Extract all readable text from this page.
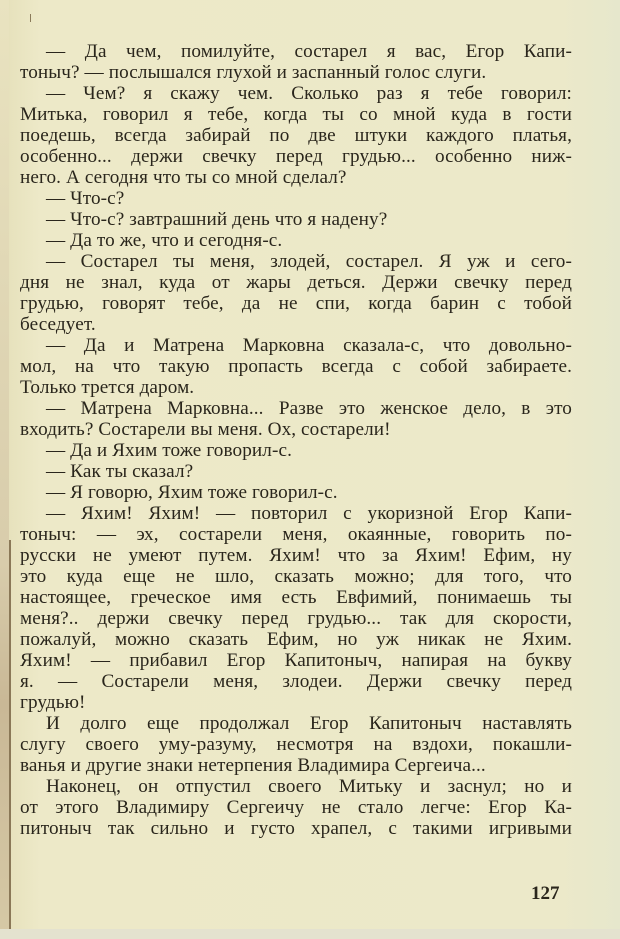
— Да чем, помилуйте, состарел я вас, Егор Капи-
тоныч? — послышался глухой и заспанный голос слуги.
— Чем? я скажу чем. Сколько раз я тебе говорил:
Митька, говорил я тебе, когда ты со мной куда в гости
поедешь, всегда забирай по две штуки каждого платья,
особенно... держи свечку перед грудью... особенно ниж-
него. А сегодня что ты со мной сделал?
— Что-с?
— Что-с? завтрашний день что я надену?
— Да то же, что и сегодня-с.
— Состарел ты меня, злодей, состарел. Я уж и сего-
дня не знал, куда от жары деться. Держи свечку перед
грудью, говорят тебе, да не спи, когда барин с тобой
беседует.
— Да и Матрена Марковна сказала-с, что довольно-
мол, на что такую пропасть всегда с собой забираете.
Только трется даром.
— Матрена Марковна... Разве это женское дело, в это
входить? Состарели вы меня. Ох, состарели!
— Да и Яхим тоже говорил-с.
— Как ты сказал?
— Я говорю, Яхим тоже говорил-с.
— Яхим! Яхим! — повторил с укоризной Егор Капи-
тоныч: — эх, состарели меня, окаянные, говорить по-
русски не умеют путем. Яхим! что за Яхим! Ефим, ну
это куда еще не шло, сказать можно; для того, что
настоящее, греческое имя есть Евфимий, понимаешь ты
меня?.. держи свечку перед грудью... так для скорости,
пожалуй, можно сказать Ефим, но уж никак не Яхим.
Яхим! — прибавил Егор Капитоныч, напирая на букву
я. — Состарели меня, злодеи. Держи свечку перед
грудью!
И долго еще продолжал Егор Капитоныч наставлять
слугу своего уму-разуму, несмотря на вздохи, покашли-
ванья и другие знаки нетерпения Владимира Сергеича...
Наконец, он отпустил своего Митьку и заснул; но и
от этого Владимиру Сергеичу не стало легче: Егор Ка-
питоныч так сильно и густо храпел, с такими игривыми
127
